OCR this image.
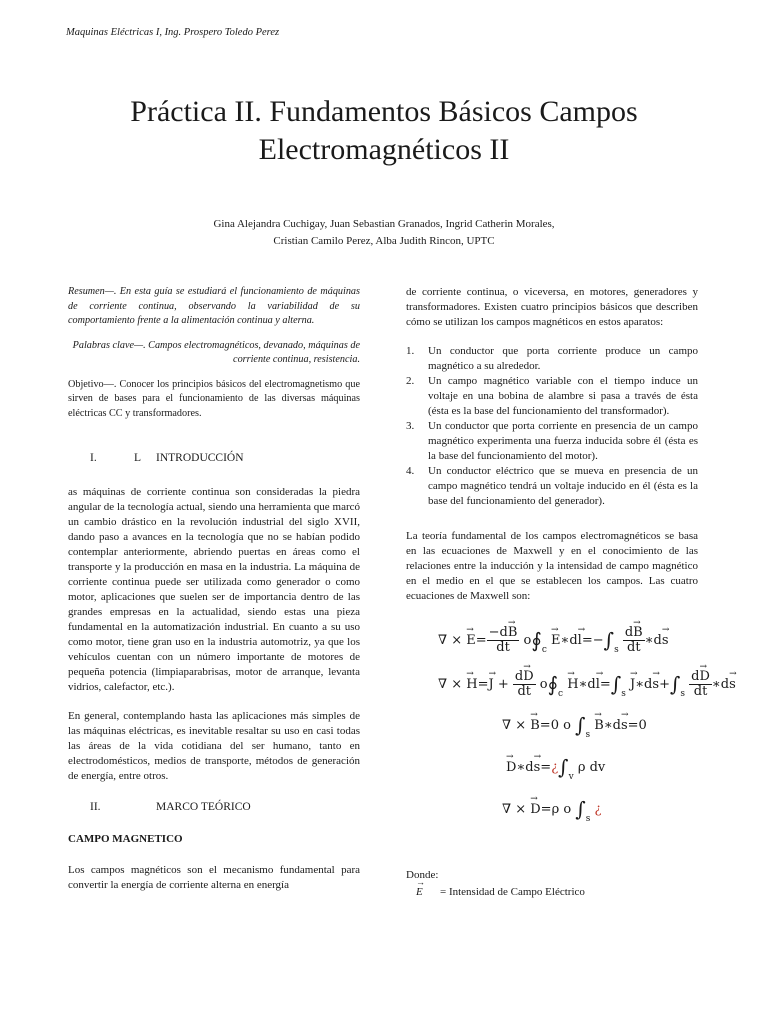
Maquinas Eléctricas I, Ing. Prospero Toledo Perez
Práctica II. Fundamentos Básicos Campos Electromagnéticos II
Gina Alejandra Cuchigay, Juan Sebastian Granados, Ingrid Catherin Morales,
Cristian Camilo Perez, Alba Judith Rincon, UPTC
Resumen—. En esta guía se estudiará el funcionamiento de máquinas de corriente continua, observando la variabilidad de su comportamiento frente a la alimentación continua y alterna.
Palabras clave—. Campos electromagnéticos, devanado, máquinas de corriente continua, resistencia.
Objetivo—. Conocer los principios básicos del electromagnetismo que sirven de bases para el funcionamiento de las diversas máquinas eléctricas CC y transformadores.
I.	L	INTRODUCCIÓN
as máquinas de corriente continua son consideradas la piedra angular de la tecnología actual, siendo una herramienta que marcó un cambio drástico en la revolución industrial del siglo XVII, dando paso a avances en la tecnología que no se habían podido contemplar anteriormente, abriendo puertas en áreas como el transporte y la producción en masa en la industria. La máquina de corriente continua puede ser utilizada como generador o como motor, aplicaciones que suelen ser de importancia dentro de las grandes empresas en la actualidad, siendo estas una pieza fundamental en la automatización industrial. En cuanto a su uso como motor, tiene gran uso en la industria automotriz, ya que los vehículos cuentan con un número importante de motores de pequeña potencia (limpiaparabrisas, motor de arranque, levanta vidrios, calefactor, etc.).
En general, contemplando hasta las aplicaciones más simples de las máquinas eléctricas, es inevitable resaltar su uso en casi todas las áreas de la vida cotidiana del ser humano, tanto en electrodomésticos, medios de transporte, métodos de generación de energía, entre otros.
II.	MARCO TEÓRICO
CAMPO MAGNETICO
Los campos magnéticos son el mecanismo fundamental para convertir la energía de corriente alterna en energía
de corriente continua, o viceversa, en motores, generadores y transformadores. Existen cuatro principios básicos que describen cómo se utilizan los campos magnéticos en estos aparatos:
1.	Un conductor que porta corriente produce un campo magnético a su alrededor.
2.	Un campo magnético variable con el tiempo induce un voltaje en una bobina de alambre si pasa a través de ésta (ésta es la base del funcionamiento del transformador).
3.	Un conductor que porta corriente en presencia de un campo magnético experimenta una fuerza inducida sobre él (ésta es la base del funcionamiento del motor).
4.	Un conductor eléctrico que se mueva en presencia de un campo magnético tendrá un voltaje inducido en él (ésta es la base del funcionamiento del generador).
La teoría fundamental de los campos electromagnéticos se basa en las ecuaciones de Maxwell y en el conocimiento de las relaciones entre la inducción y la intensidad de campo magnético en el medio en el que se establecen los campos. Las cuatro ecuaciones de Maxwell son:
∇ × → $E= \frac{-d\to B}{dt}$ $o∮_c$ → E∗d→ $l=-\int_s \frac{d\to B}{dt}$ ∗d→ s
∇ × → $H=\to J + \frac{d\to D}{dt}$ $o∮_c$ → H∗d→ $l=\int_s$ → J∗d→ $s+\int_s \frac{d\to D}{dt}$ ∗d→ s
∇ × → B=0 o $\int_s$ → B∗d→ s=0
→ D∗d→ $s=¿\int_v$ ρ dv
∇ × → D=ρ o $\int_s$ ¿
Donde:
→ E	= Intensidad de Campo Eléctrico
